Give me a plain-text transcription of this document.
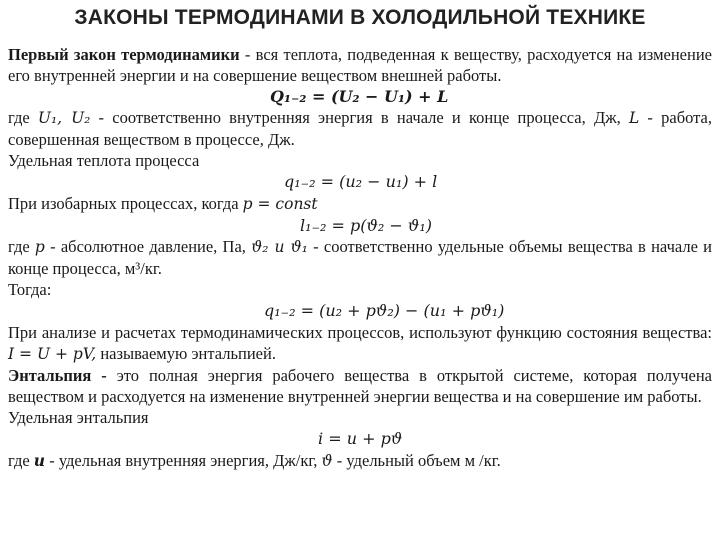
ЗАКОНЫ ТЕРМОДИНАМИ В ХОЛОДИЛЬНОЙ ТЕХНИКЕ

Первый закон термодинамики - вся теплота, подведенная к веществу, расходуется на изменение его внутренней энергии и на совершение веществом внешней работы.

Q₁₋₂ = (U₂ − U₁) + L

где U₁, U₂ - соответственно внутренняя энергия в начале и конце процесса, Дж, L - работа, совершенная веществом в процессе, Дж.

Удельная теплота процесса

q₁₋₂ = (u₂ − u₁) + l

При изобарных процессах, когда p = const

l₁₋₂ = p(ϑ₂ − ϑ₁)

где p - абсолютное давление, Па, ϑ₂ и ϑ₁ - соответственно удельные объемы вещества в начале и конце процесса, м³/кг.

Тогда:

q₁₋₂ = (u₂ + pϑ₂) − (u₁ + pϑ₁)

При анализе и расчетах термодинамических процессов, используют функцию состояния вещества: I = U + pV, называемую энтальпией.

Энтальпия - это полная энергия рабочего вещества в открытой системе, которая получена веществом и расходуется на изменение внутренней энергии вещества и на совершение им работы.

Удельная энтальпия

i = u + pϑ

где u - удельная внутренняя энергия, Дж/кг, ϑ - удельный объем м /кг.
